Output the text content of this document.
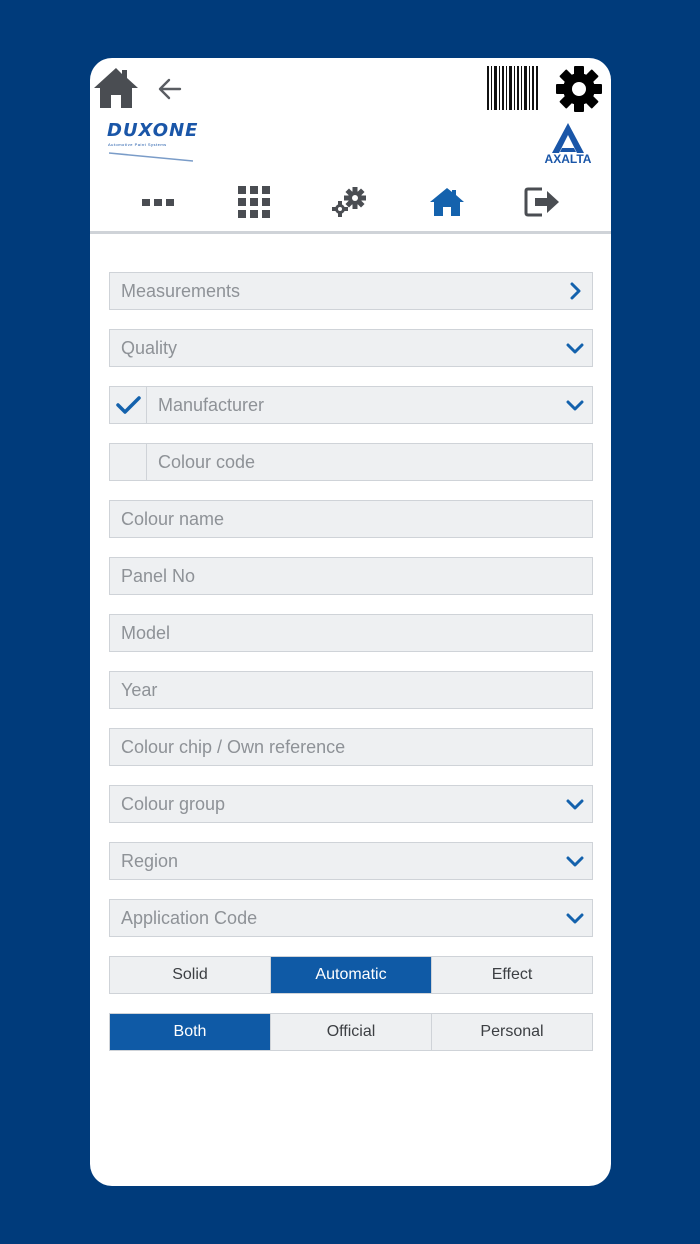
DUXONE
Automotive Paint Systems
AXALTA
Measurements
Quality
Manufacturer
Colour code
Colour name
Panel No
Model
Year
Colour chip / Own reference
Colour group
Region
Application Code
Solid	Automatic	Effect
Both	Official	Personal
